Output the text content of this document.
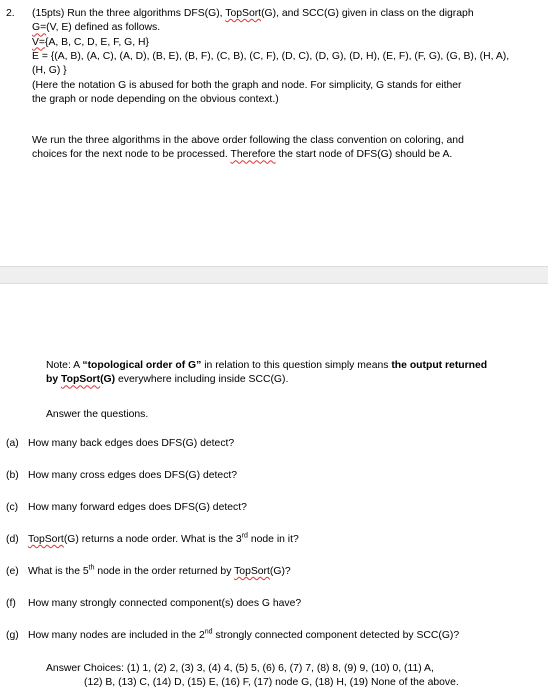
2. (15pts) Run the three algorithms DFS(G), TopSort(G), and SCC(G) given in class on the digraph
G=(V, E) defined as follows.
V={A, B, C, D, E, F, G, H}
E = {(A, B), (A, C), (A, D), (B, E), (B, F), (C, B), (C, F), (D, C), (D, G), (D, H), (E, F), (F, G), (G, B), (H, A),
(H, G) }
(Here the notation G is abused for both the graph and node. For simplicity, G stands for either
the graph or node depending on the obvious context.)
We run the three algorithms in the above order following the class convention on coloring, and
choices for the next node to be processed. Therefore the start node of DFS(G) should be A.
Note: A “topological order of G” in relation to this question simply means the output returned
by TopSort(G) everywhere including inside SCC(G).
Answer the questions.
(a) How many back edges does DFS(G) detect?
(b) How many cross edges does DFS(G) detect?
(c) How many forward edges does DFS(G) detect?
(d) TopSort(G) returns a node order. What is the 3rd node in it?
(e) What is the 5th node in the order returned by TopSort(G)?
(f) How many strongly connected component(s) does G have?
(g) How many nodes are included in the 2nd strongly connected component detected by SCC(G)?
Answer Choices: (1) 1, (2) 2, (3) 3, (4) 4, (5) 5, (6) 6, (7) 7, (8) 8, (9) 9, (10) 0, (11) A,
(12) B, (13) C, (14) D, (15) E, (16) F, (17) node G, (18) H, (19) None of the above.
